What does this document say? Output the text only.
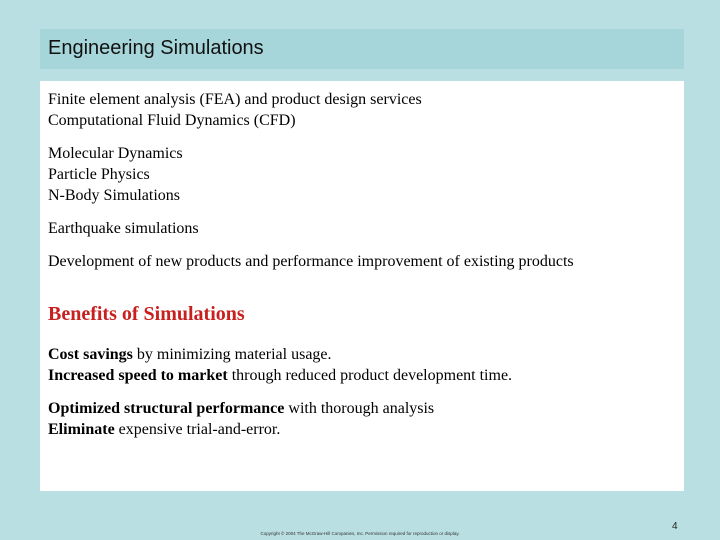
Engineering Simulations
Finite element analysis (FEA) and product design services
Computational Fluid Dynamics (CFD)
Molecular Dynamics
Particle Physics
N-Body Simulations
Earthquake simulations
Development of new products and performance improvement of existing products
Benefits of Simulations
Cost savings by minimizing material usage.
Increased speed to market through reduced product development time.
Optimized structural performance with thorough analysis
Eliminate expensive trial-and-error.
Copyright © 2004 The McGraw-Hill Companies, Inc. Permission required for reproduction or display.
4
